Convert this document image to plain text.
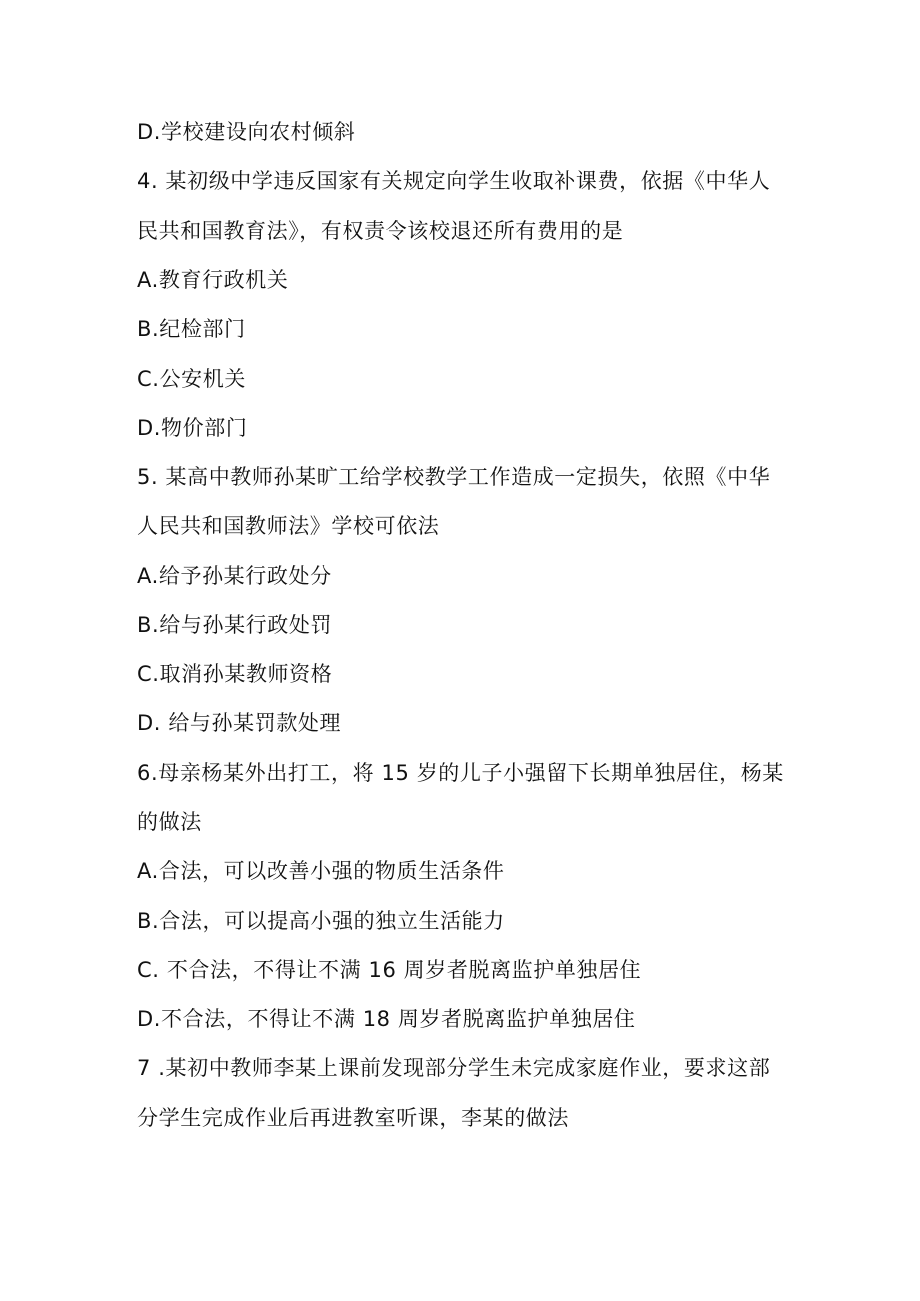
D.学校建设向农村倾斜
4. 某初级中学违反国家有关规定向学生收取补课费，依据《中华人
民共和国教育法》，有权责令该校退还所有费用的是
A.教育行政机关
B.纪检部门
C.公安机关
D.物价部门
5. 某高中教师孙某旷工给学校教学工作造成一定损失，依照《中华
人民共和国教师法》学校可依法
A.给予孙某行政处分
B.给与孙某行政处罚
C.取消孙某教师资格
D. 给与孙某罚款处理
6.母亲杨某外出打工，将 15 岁的儿子小强留下长期单独居住，杨某
的做法
A.合法，可以改善小强的物质生活条件
B.合法，可以提高小强的独立生活能力
C. 不合法，不得让不满 16 周岁者脱离监护单独居住
D.不合法，不得让不满 18 周岁者脱离监护单独居住
7 .某初中教师李某上课前发现部分学生未完成家庭作业，要求这部
分学生完成作业后再进教室听课，李某的做法
